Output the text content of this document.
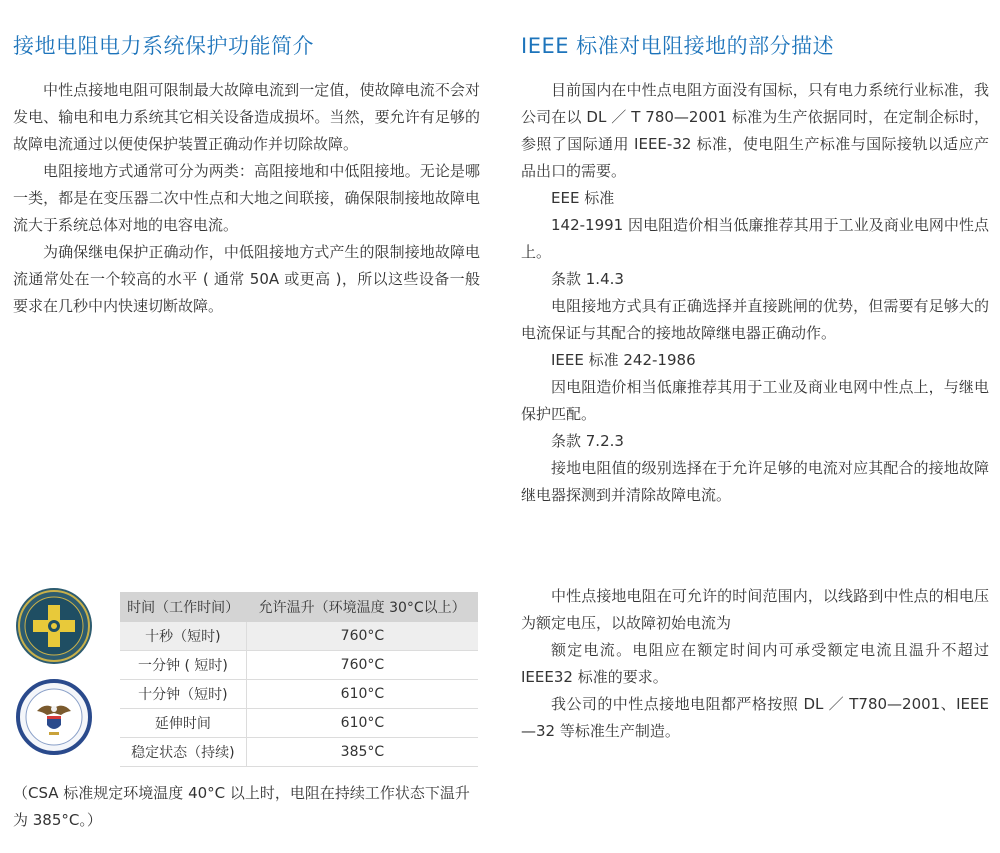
接地电阻电力系统保护功能简介

中性点接地电阻可限制最大故障电流到一定值，使故障电流不会对发电、输电和电力系统其它相关设备造成损坏。当然，要允许有足够的故障电流通过以便使保护装置正确动作并切除故障。

电阻接地方式通常可分为两类：高阻接地和中低阻接地。无论是哪一类，都是在变压器二次中性点和大地之间联接，确保限制接地故障电流大于系统总体对地的电容电流。

为确保继电保护正确动作，中低阻接地方式产生的限制接地故障电流通常处在一个较高的水平 ( 通常 50A 或更高 )，所以这些设备一般要求在几秒中内快速切断故障。

IEEE 标准对电阻接地的部分描述

目前国内在中性点电阻方面没有国标，只有电力系统行业标准，我公司在以 DL ／ T 780—2001 标准为生产依据同时，在定制企标时，参照了国际通用 IEEE-32 标准，使电阻生产标准与国际接轨以适应产品出口的需要。

EEE 标准

142-1991 因电阻造价相当低廉推荐其用于工业及商业电网中性点上。

条款 1.4.3

电阻接地方式具有正确选择并直接跳闸的优势，但需要有足够大的电流保证与其配合的接地故障继电器正确动作。

IEEE 标准 242-1986

因电阻造价相当低廉推荐其用于工业及商业电网中性点上，与继电保护匹配。

条款 7.2.3

接地电阻值的级别选择在于允许足够的电流对应其配合的接地故障继电器探测到并清除故障电流。

时间（工作时间）	允许温升（环境温度 30°C以上）
十秒（短时)	760°C
一分钟 ( 短时)	760°C
十分钟（短时)	610°C
延伸时间	610°C
稳定状态（持续)	385°C
（CSA 标准规定环境温度 40°C 以上时，电阻在持续工作状态下温升为 385°C。）

中性点接地电阻在可允许的时间范围内，以线路到中性点的相电压为额定电压，以故障初始电流为

额定电流。电阻应在额定时间内可承受额定电流且温升不超过 IEEE32 标准的要求。

我公司的中性点接地电阻都严格按照 DL ／ T780—2001、IEEE—32 等标准生产制造。
